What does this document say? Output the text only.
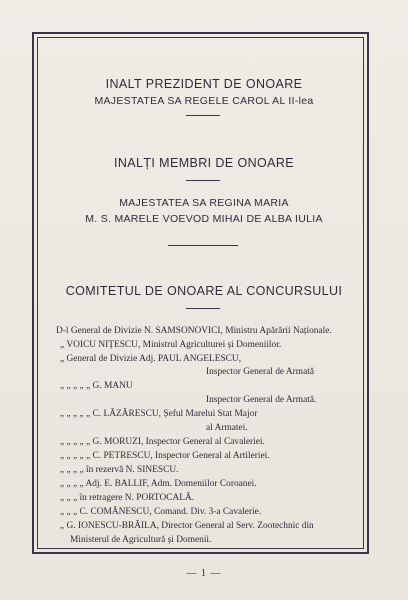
INALT PREZIDENT DE ONOARE
MAJESTATEA SA REGELE CAROL AL II-lea
INALȚI MEMBRI DE ONOARE
MAJESTATEA SA REGINA MARIA
M. S. MARELE VOEVOD MIHAI DE ALBA IULIA
COMITETUL DE ONOARE AL CONCURSULUI
D-l General de Divizie N. SAMSONOVICI, Ministru Apărării Naționale.
„ VOICU NIȚESCU, Ministrul Agriculturei și Domeniilor.
„ General de Divizie Adj. PAUL ANGELESCU,
Inspector General de Armată
„ „ „ „ „ G. MANU
Inspector General de Armată.
„ „ „ „ „ C. LĂZĂRESCU, Șeful Marelui Stat Major
al Armatei.
„ „ „ „ „ G. MORUZI, Inspector General al Cavaleriei.
„ „ „ „ „ C. PETRESCU, Inspector General al Artileriei.
„ „ „ „ în rezervă N. SINESCU.
„ „ „ „ Adj. E. BALLIF, Adm. Domeniilor Coroanei.
„ „ „ în retragere N. PORTOCALĂ.
„ „ „ C. COMĂNESCU, Comand. Div. 3-a Cavalerie.
„ G. IONESCU-BRĂILA, Director General al Serv. Zootechnic din
Ministerul de Agricultură și Domenii.
— 1 —
